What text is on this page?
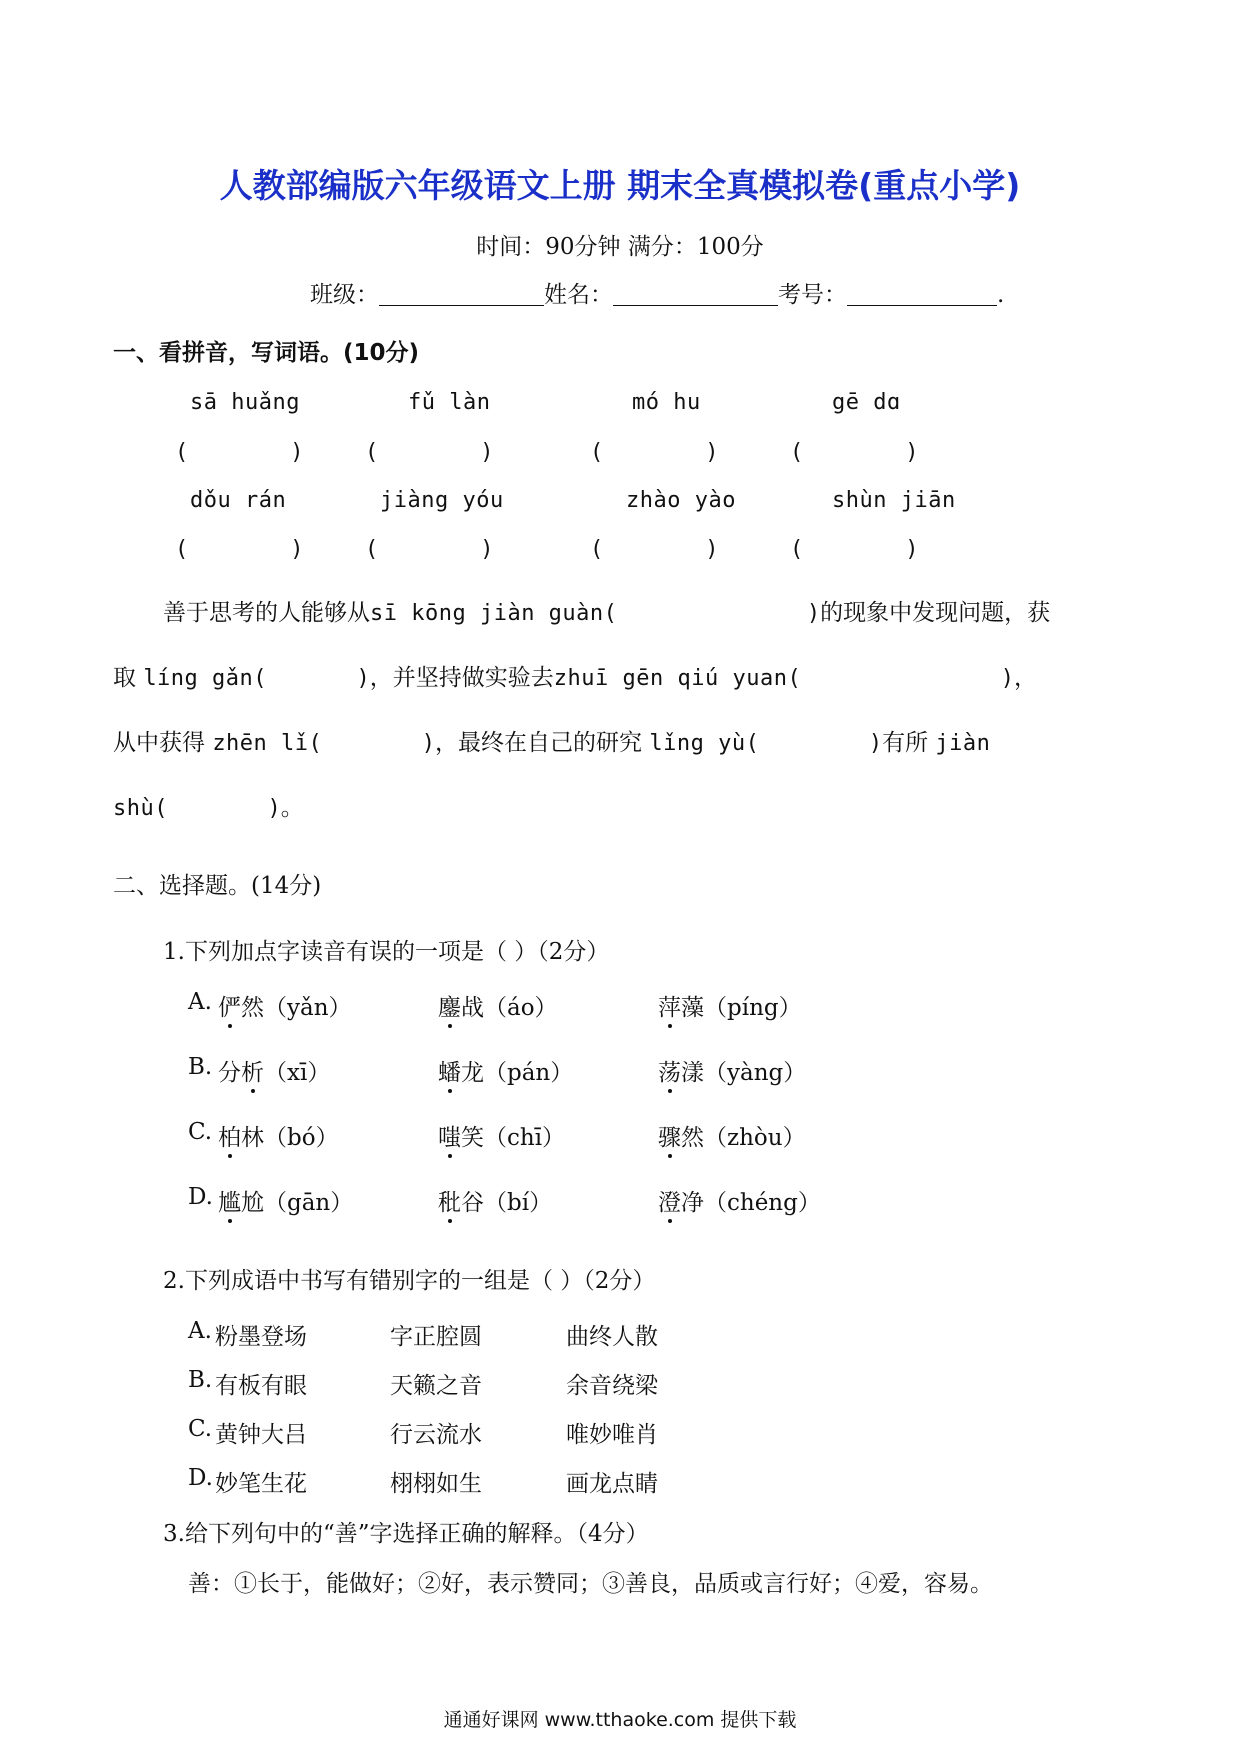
人教部编版六年级语文上册 期末全真模拟卷(重点小学)
时间：90分钟 满分：100分
班级：	姓名：	考号：	.
一、看拼音，写词语。(10分)
sā huǎng	fǔ làn	mó hu	gē dɑ
(	)	(	)	(	)	(	)
dǒu rán	jiàng yóu	zhào yào	shùn jiān
(	)	(	)	(	)	(	)
善于思考的人能够从sī kōng jiàn guàn(	)的现象中发现问题，获
取 líng gǎn(	)，并坚持做实验去zhuī gēn qiú yuan(	)，
从中获得 zhēn lǐ(	)，最终在自己的研究 lǐng yù(	)有所 jiàn
shù(	)。
二、选择题。(14分)
1.下列加点字读音有误的一项是（ ）（2分）
A. 俨然（yǎn）	鏖战（áo）	萍藻（píng）
B. 分析（xī）	蟠龙（pán）	荡漾（yàng）
C. 柏林（bó）	嗤笑（chī）	骤然（zhòu）
D. 尴尬（gān）	秕谷（bí）	澄净（chéng）
2.下列成语中书写有错别字的一组是（ ）（2分）
A. 粉墨登场	字正腔圆	曲终人散
B. 有板有眼	天籁之音	余音绕梁
C. 黄钟大吕	行云流水	唯妙唯肖
D. 妙笔生花	栩栩如生	画龙点睛
3.给下列句中的“善”字选择正确的解释。（4分）
善：①长于，能做好；②好，表示赞同；③善良，品质或言行好；④爱，容易。
通通好课网 www.tthaoke.com 提供下载
